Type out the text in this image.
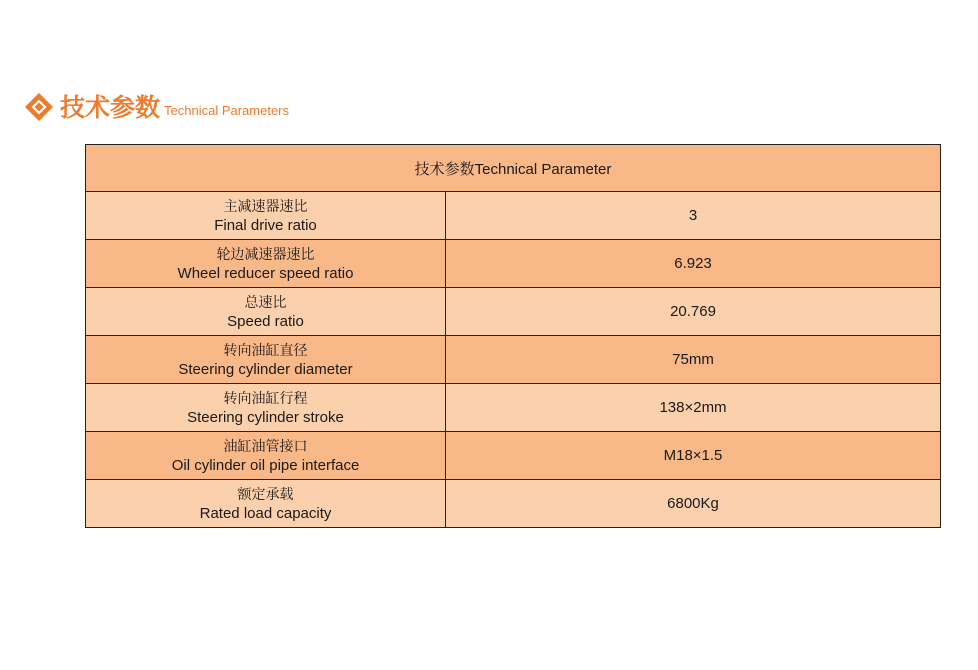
技术参数 Technical Parameters
技术参数Technical Parameter	

主减速器速比
Final drive ratio	3

轮边减速器速比
Wheel reducer speed ratio	6.923

总速比
Speed ratio	20.769

转向油缸直径
Steering cylinder diameter	75mm

转向油缸行程
Steering cylinder stroke	138×2mm

油缸油管接口
Oil cylinder oil pipe interface	M18×1.5

额定承载
Rated load capacity	6800Kg
